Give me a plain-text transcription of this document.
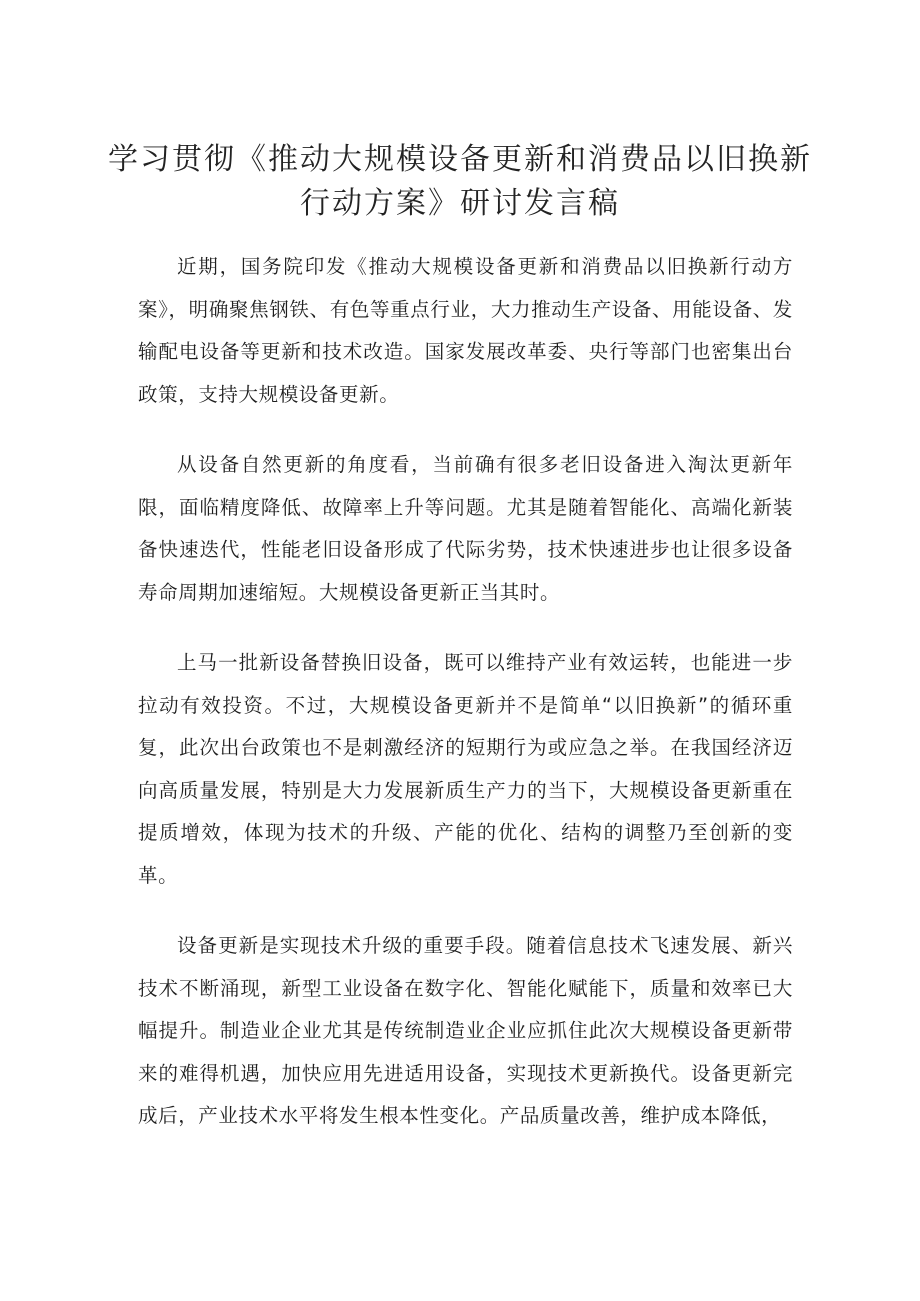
学习贯彻《推动大规模设备更新和消费品以旧换新
行动方案》研讨发言稿

近期，国务院印发《推动大规模设备更新和消费品以旧换新行动方案》，明确聚焦钢铁、有色等重点行业，大力推动生产设备、用能设备、发输配电设备等更新和技术改造。国家发展改革委、央行等部门也密集出台政策，支持大规模设备更新。

从设备自然更新的角度看，当前确有很多老旧设备进入淘汰更新年限，面临精度降低、故障率上升等问题。尤其是随着智能化、高端化新装备快速迭代，性能老旧设备形成了代际劣势，技术快速进步也让很多设备寿命周期加速缩短。大规模设备更新正当其时。

上马一批新设备替换旧设备，既可以维持产业有效运转，也能进一步拉动有效投资。不过，大规模设备更新并不是简单“以旧换新”的循环重复，此次出台政策也不是刺激经济的短期行为或应急之举。在我国经济迈向高质量发展，特别是大力发展新质生产力的当下，大规模设备更新重在提质增效，体现为技术的升级、产能的优化、结构的调整乃至创新的变革。

设备更新是实现技术升级的重要手段。随着信息技术飞速发展、新兴技术不断涌现，新型工业设备在数字化、智能化赋能下，质量和效率已大幅提升。制造业企业尤其是传统制造业企业应抓住此次大规模设备更新带来的难得机遇，加快应用先进适用设备，实现技术更新换代。设备更新完成后，产业技术水平将发生根本性变化。产品质量改善，维护成本降低，
